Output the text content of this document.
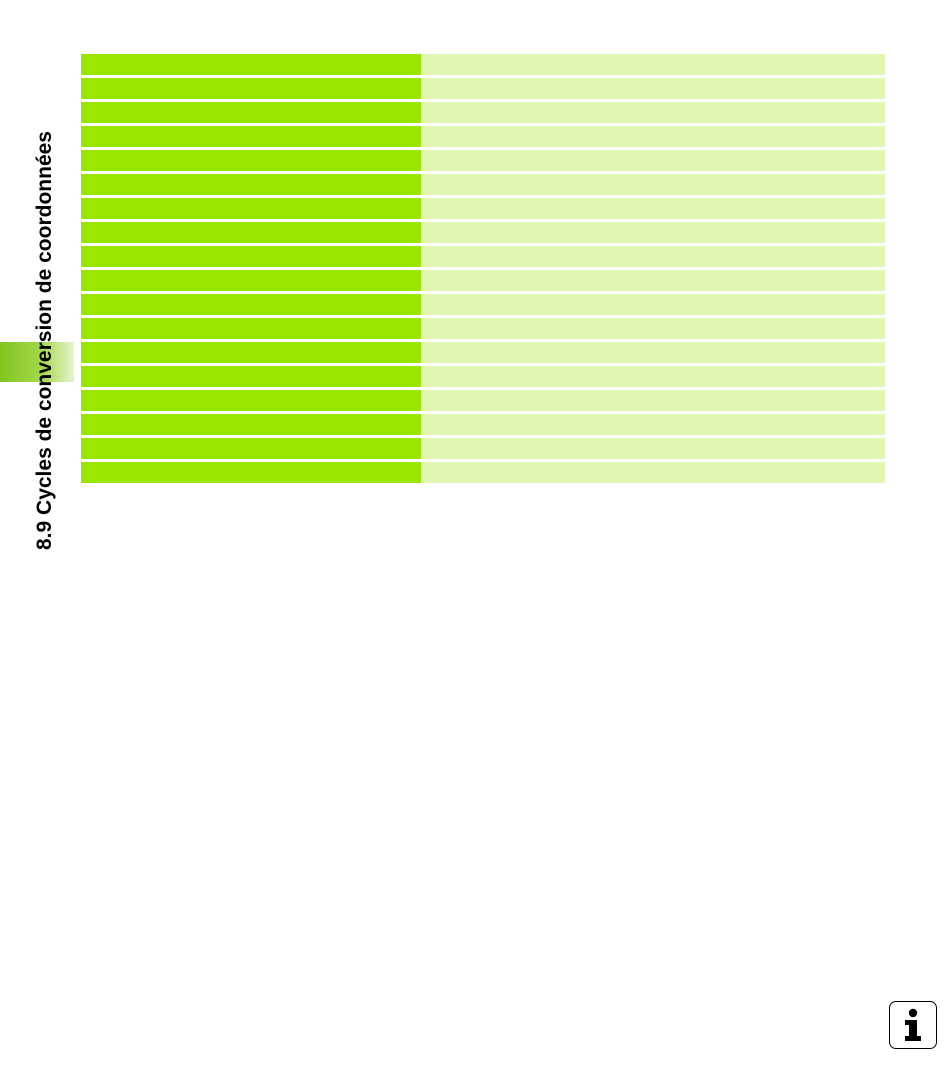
8.9 Cycles de conversion de coordonnées
